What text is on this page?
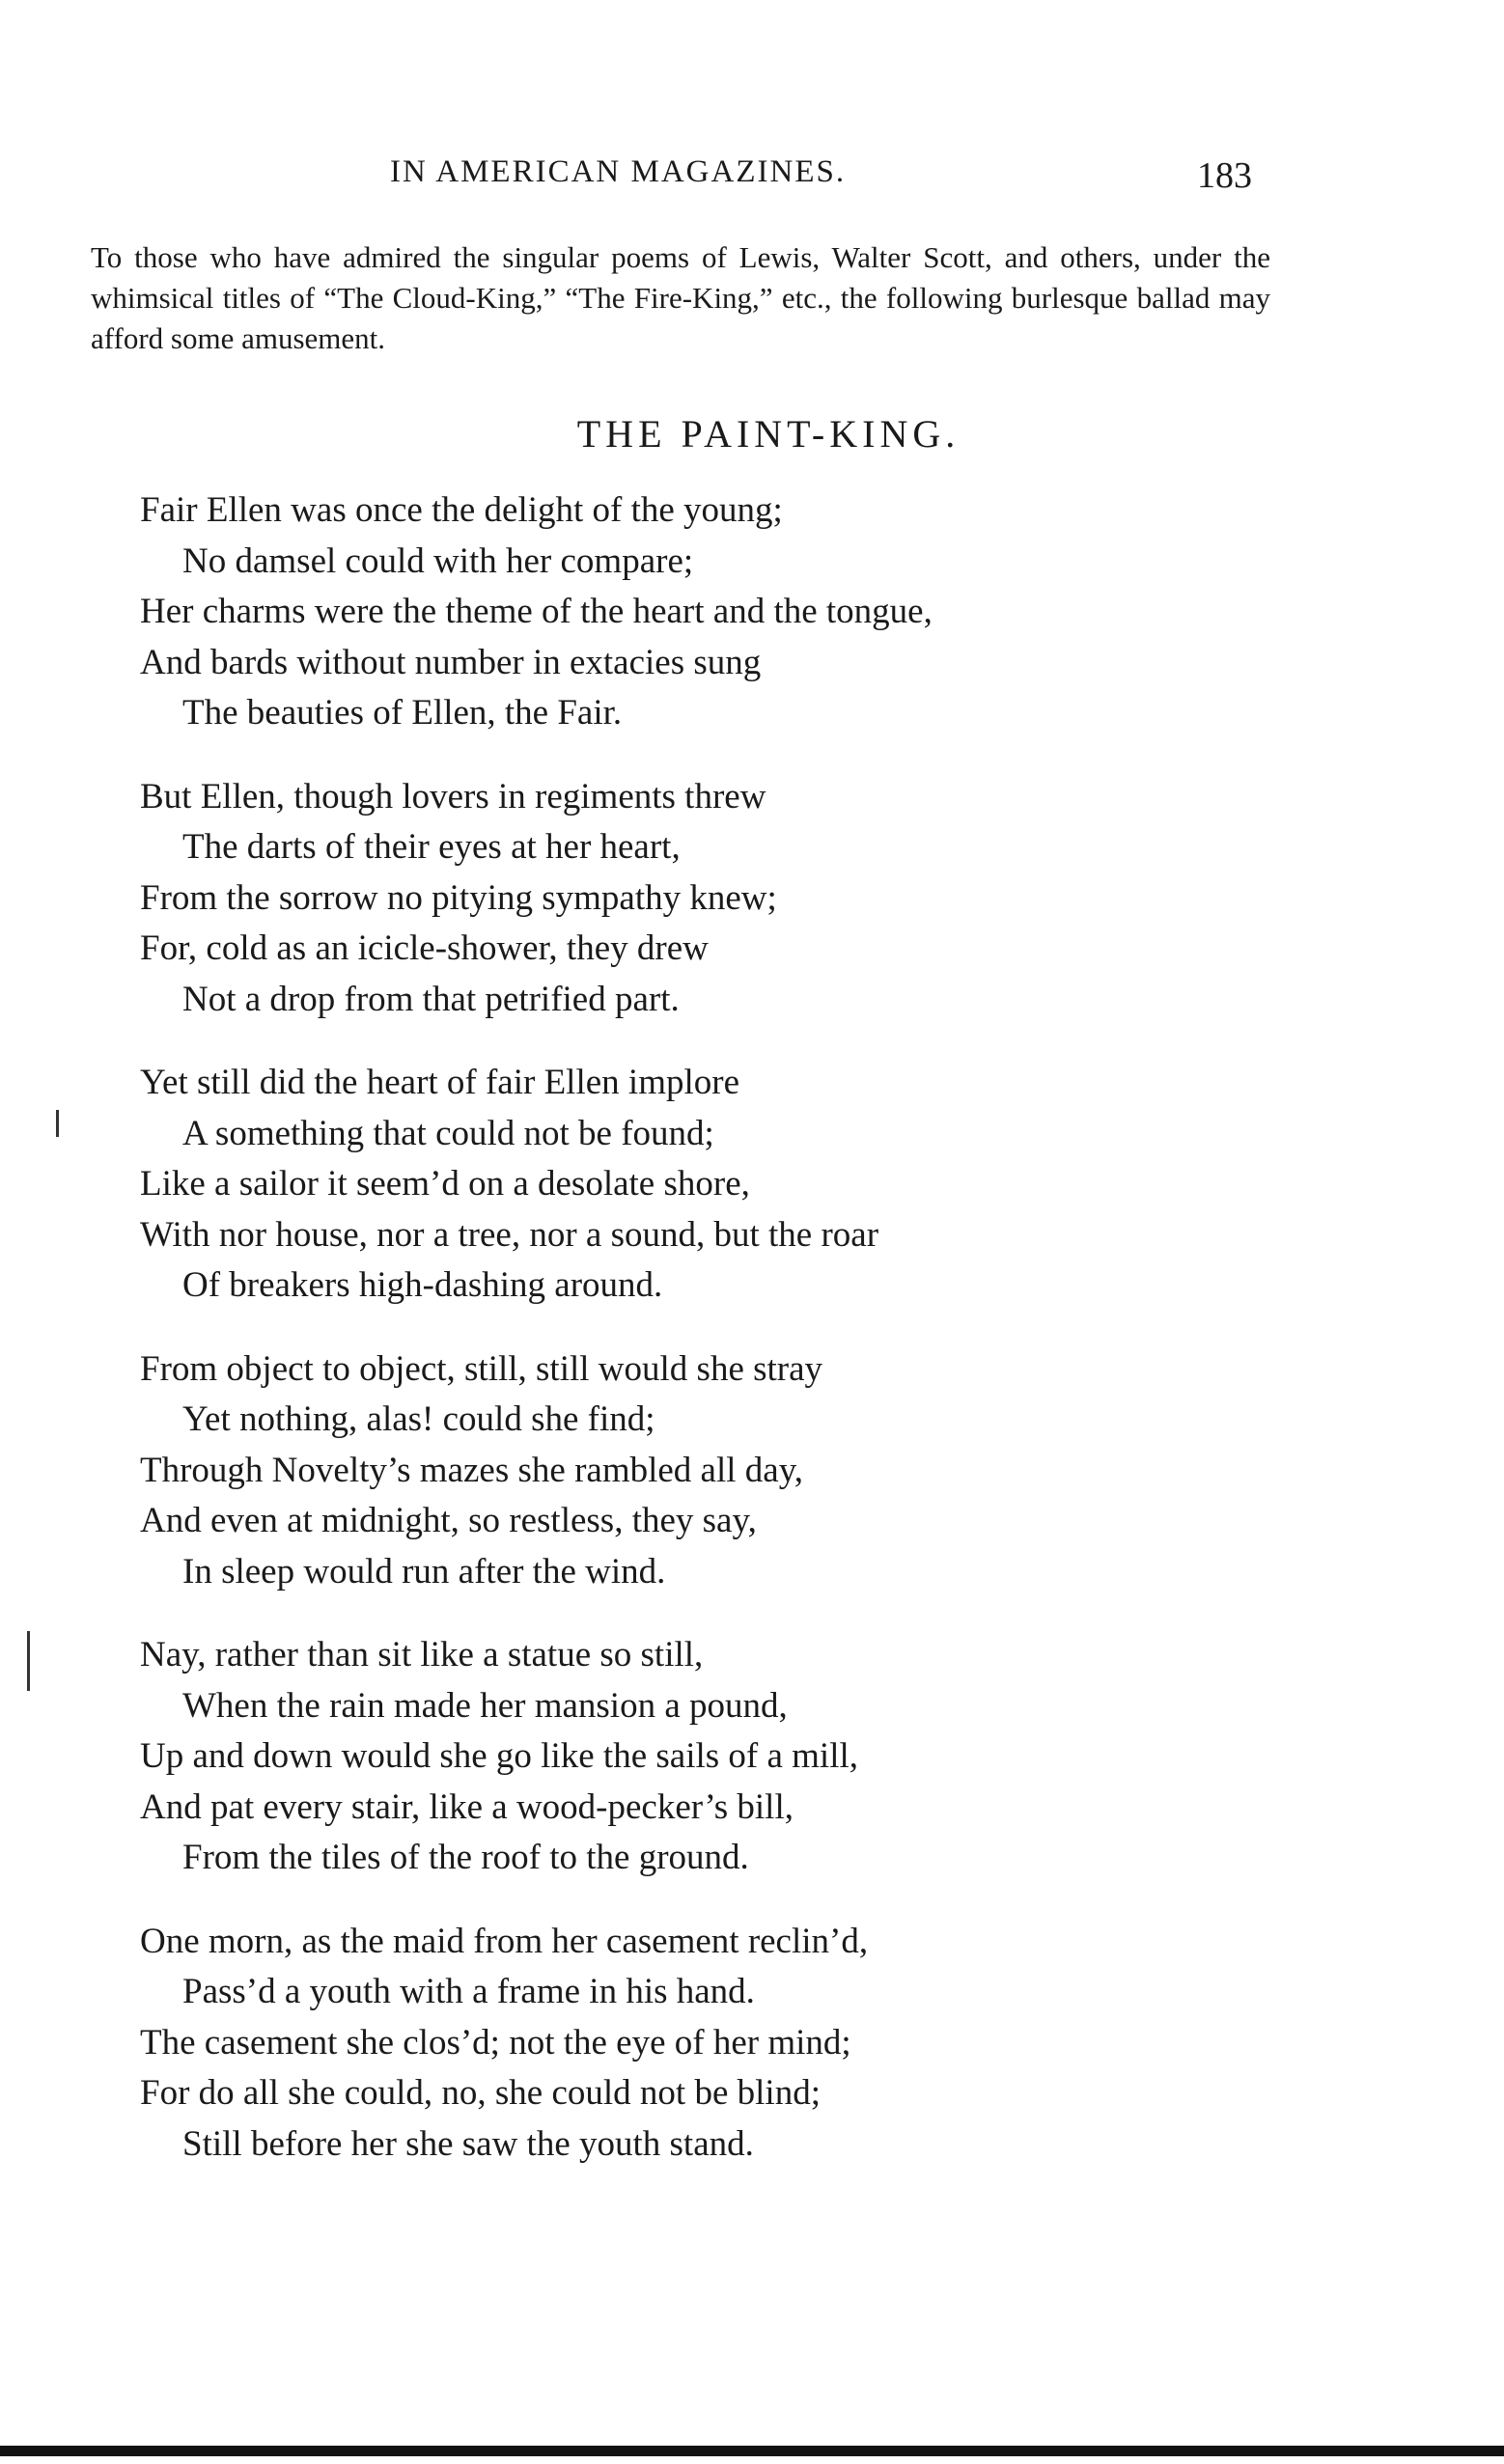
IN AMERICAN MAGAZINES.	183
To those who have admired the singular poems of Lewis, Walter Scott, and others, under the whimsical titles of “The Cloud-King,” “The Fire-King,” etc., the following burlesque ballad may afford some amusement.
THE PAINT-KING.
Fair Ellen was once the delight of the young;
No damsel could with her compare;
Her charms were the theme of the heart and the tongue,
And bards without number in extacies sung
The beauties of Ellen, the Fair.
But Ellen, though lovers in regiments threw
The darts of their eyes at her heart,
From the sorrow no pitying sympathy knew;
For, cold as an icicle-shower, they drew
Not a drop from that petrified part.
Yet still did the heart of fair Ellen implore
A something that could not be found;
Like a sailor it seem’d on a desolate shore,
With nor house, nor a tree, nor a sound, but the roar
Of breakers high-dashing around.
From object to object, still, still would she stray
Yet nothing, alas! could she find;
Through Novelty’s mazes she rambled all day,
And even at midnight, so restless, they say,
In sleep would run after the wind.
Nay, rather than sit like a statue so still,
When the rain made her mansion a pound,
Up and down would she go like the sails of a mill,
And pat every stair, like a wood-pecker’s bill,
From the tiles of the roof to the ground.
One morn, as the maid from her casement reclin’d,
Pass’d a youth with a frame in his hand.
The casement she clos’d; not the eye of her mind;
For do all she could, no, she could not be blind;
Still before her she saw the youth stand.
